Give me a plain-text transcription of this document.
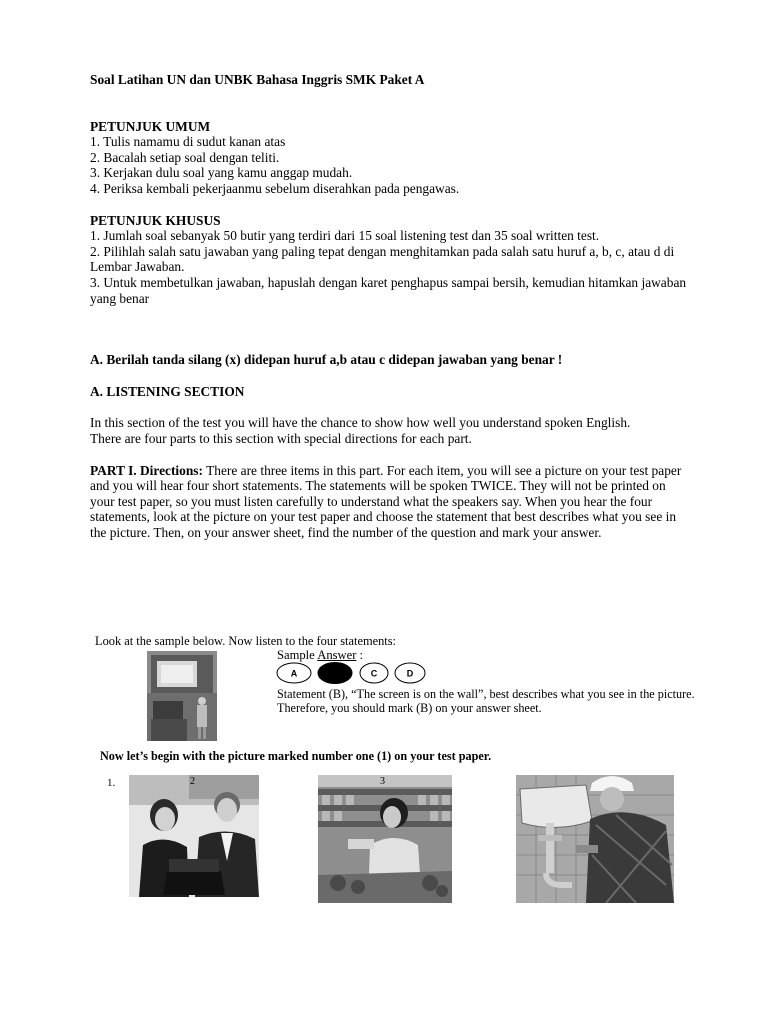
Soal Latihan UN dan UNBK Bahasa Inggris SMK Paket A

PETUNJUK UMUM

1. Tulis namamu di sudut kanan atas

2. Bacalah setiap soal dengan teliti.

3. Kerjakan dulu soal yang kamu anggap mudah.

4. Periksa kembali pekerjaanmu sebelum diserahkan pada pengawas.

PETUNJUK KHUSUS

1. Jumlah soal sebanyak 50 butir yang terdiri dari 15 soal listening test dan 35 soal written test.

2. Pilihlah salah satu jawaban yang paling tepat dengan menghitamkan pada salah satu huruf a, b, c, atau d di Lembar Jawaban.

3. Untuk membetulkan jawaban, hapuslah dengan karet penghapus sampai bersih, kemudian hitamkan jawaban yang benar

A. Berilah tanda silang (x) didepan huruf a,b atau c didepan jawaban yang benar !

A. LISTENING SECTION

In this section of the test you will have the chance to show how well you understand spoken English.

There are four parts to this section with special directions for each part.

PART I. Directions: There are three items in this part. For each item, you will see a picture on your test paper and you will hear four short statements. The statements will be spoken TWICE. They will not be printed on your test paper, so you must listen carefully to understand what the speakers say. When you hear the four statements, look at the picture on your test paper and choose the statement that best describes what you see in the picture. Then, on your answer sheet, find the number of the question and mark your answer.

Look at the sample below. Now listen to the four statements:
Sample Answer :
A	C	D
Statement (B), “The screen is on the wall”, best describes what you see in the picture. Therefore, you should mark (B) on your answer sheet.
Now let’s begin with the picture marked number one (1) on your test paper.
1.	2	3
